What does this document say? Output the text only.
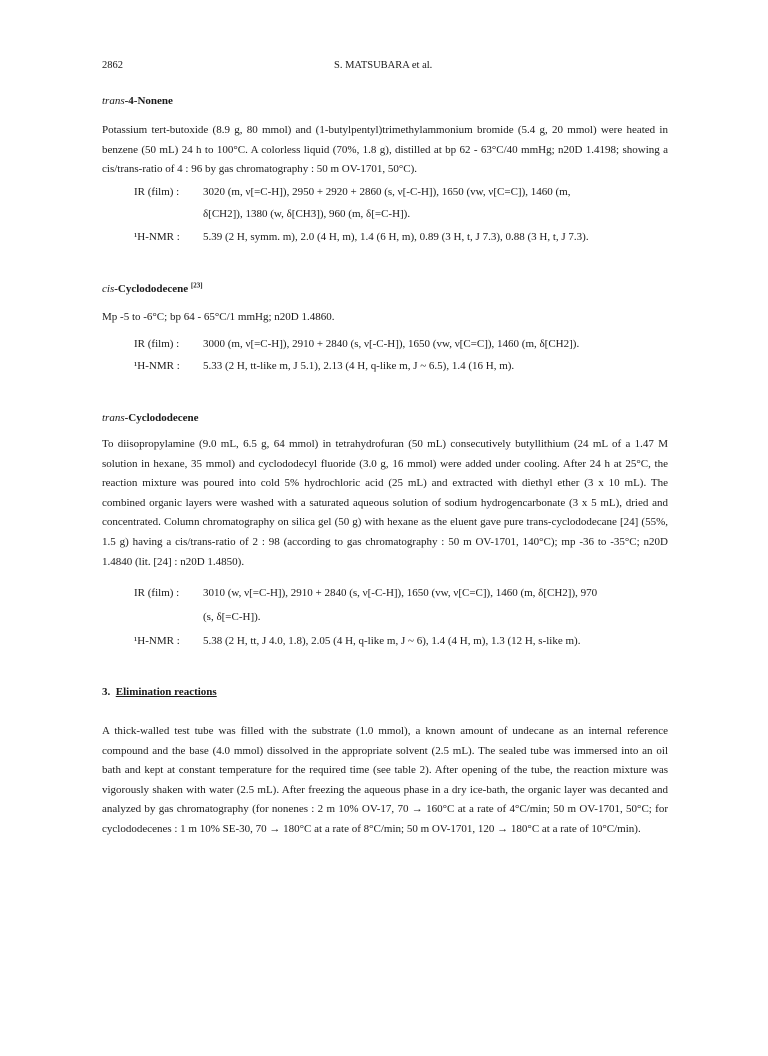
2862	S. MATSUBARA et al.
trans-4-Nonene
Potassium tert-butoxide (8.9 g, 80 mmol) and (1-butylpentyl)trimethylammonium bromide (5.4 g, 20 mmol) were heated in benzene (50 mL) 24 h to 100°C. A colorless liquid (70%, 1.8 g), distilled at bp 62 - 63°C/40 mmHg; n20D 1.4198; showing a cis/trans-ratio of 4 : 96 by gas chromatography : 50 m OV-1701, 50°C).
IR (film) : 3020 (m, ν[=C-H]), 2950 + 2920 + 2860 (s, ν[-C-H]), 1650 (vw, ν[C=C]), 1460 (m,
δ[CH2]), 1380 (w, δ[CH3]), 960 (m, δ[=C-H]).
¹H-NMR : 5.39 (2 H, symm. m), 2.0 (4 H, m), 1.4 (6 H, m), 0.89 (3 H, t, J 7.3), 0.88 (3 H, t, J 7.3).
cis-Cyclododecene [23]
Mp -5 to -6°C; bp 64 - 65°C/1 mmHg; n20D 1.4860.
IR (film) : 3000 (m, ν[=C-H]), 2910 + 2840 (s, ν[-C-H]), 1650 (vw, ν[C=C]), 1460 (m, δ[CH2]).
¹H-NMR : 5.33 (2 H, tt-like m, J 5.1), 2.13 (4 H, q-like m, J ~ 6.5), 1.4 (16 H, m).
trans-Cyclododecene
To diisopropylamine (9.0 mL, 6.5 g, 64 mmol) in tetrahydrofuran (50 mL) consecutively butyllithium (24 mL of a 1.47 M solution in hexane, 35 mmol) and cyclododecyl fluoride (3.0 g, 16 mmol) were added under cooling. After 24 h at 25°C, the reaction mixture was poured into cold 5% hydrochloric acid (25 mL) and extracted with diethyl ether (3 x 10 mL). The combined organic layers were washed with a saturated aqueous solution of sodium hydrogencarbonate (3 x 5 mL), dried and concentrated. Column chromatography on silica gel (50 g) with hexane as the eluent gave pure trans-cyclododecane [24] (55%, 1.5 g) having a cis/trans-ratio of 2 : 98 (according to gas chromatography : 50 m OV-1701, 140°C); mp -36 to -35°C; n20D 1.4840 (lit. [24] : n20D 1.4850).
IR (film) : 3010 (w, ν[=C-H]), 2910 + 2840 (s, ν[-C-H]), 1650 (vw, ν[C=C]), 1460 (m, δ[CH2]), 970
(s, δ[=C-H]).
¹H-NMR : 5.38 (2 H, tt, J 4.0, 1.8), 2.05 (4 H, q-like m, J ~ 6), 1.4 (4 H, m), 1.3 (12 H, s-like m).
3. Elimination reactions
A thick-walled test tube was filled with the substrate (1.0 mmol), a known amount of undecane as an internal reference compound and the base (4.0 mmol) dissolved in the appropriate solvent (2.5 mL). The sealed tube was immersed into an oil bath and kept at constant temperature for the required time (see table 2). After opening of the tube, the reaction mixture was vigorously shaken with water (2.5 mL). After freezing the aqueous phase in a dry ice-bath, the organic layer was decanted and analyzed by gas chromatography (for nonenes : 2 m 10% OV-17, 70 → 160°C at a rate of 4°C/min; 50 m OV-1701, 50°C; for cyclododecenes : 1 m 10% SE-30, 70 → 180°C at a rate of 8°C/min; 50 m OV-1701, 120 → 180°C at a rate of 10°C/min).
